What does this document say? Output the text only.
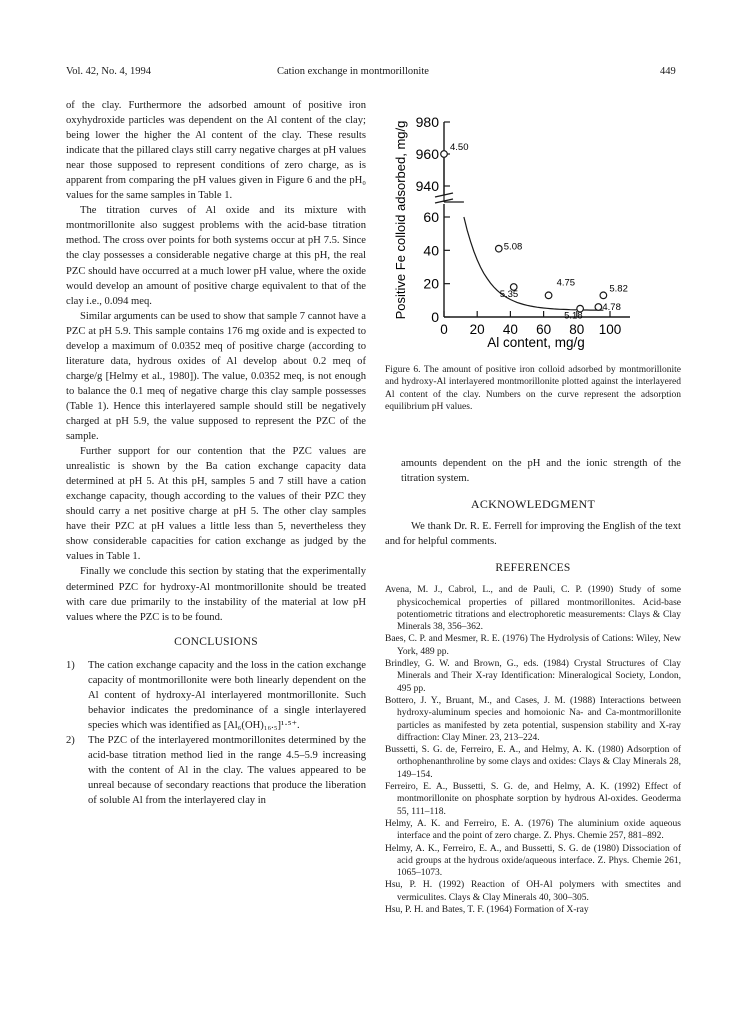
Vol. 42, No. 4, 1994	Cation exchange in montmorillonite	449

of the clay. Furthermore the adsorbed amount of positive iron oxyhydroxide particles was dependent on the Al content of the clay; being lower the higher the Al content of the clay. These results indicate that the pillared clays still carry negative charges at pH values near those supposed to represent conditions of zero charge, as is apparent from comparing the pH values given in Figure 6 and the pH₀ values for the same samples in Table 1.

The titration curves of Al oxide and its mixture with montmorillonite also suggest problems with the acid-base titration method. The cross over points for both systems occur at pH 7.5. Since the clay possesses a considerable negative charge at this pH, the real PZC should have occurred at a much lower pH value, where the oxide would develop an amount of positive charge equivalent to that of the clay i.e., 0.094 meq.

Similar arguments can be used to show that sample 7 cannot have a PZC at pH 5.9. This sample contains 176 mg oxide and is expected to develop a maximum of 0.0352 meq of positive charge (according to literature data, hydrous oxides of Al develop about 0.2 meq of charge/g [Helmy et al., 1980]). The value, 0.0352 meq, is not enough to balance the 0.1 meq of negative charge this clay sample possesses (Table 1). Hence this interlayered sample should still be negatively charged at pH 5.9, the value supposed to represent the PZC of the sample.

Further support for our contention that the PZC values are unrealistic is shown by the Ba cation exchange capacity data determined at pH 5. At this pH, samples 5 and 7 still have a cation exchange capacity, though according to the values of their PZC they should carry a net positive charge at pH 5. The other clay samples have their PZC at pH values a little less than 5, nevertheless they show considerable capacities for cation exchange as judged by the values in Table 1.

Finally we conclude this section by stating that the experimentally determined PZC for hydroxy-Al montmorillonite should be treated with care due primarily to the instability of the material at low pH values where the PZC is to be found.

CONCLUSIONS

1) The cation exchange capacity and the loss in the cation exchange capacity of montmorillonite were both linearly dependent on the Al content of hydroxy-Al interlayered montmorillonite. Such behavior indicates the predominance of a single interlayered species which was identified as [Al₆(OH)₁₆.₅]¹·⁵⁺.

2) The PZC of the interlayered montmorillonites determined by the acid-base titration method lied in the range 4.5–5.9 increasing with the content of Al in the clay. The values appeared to be unreal because of secondary reactions that produce the liberation of soluble Al from the interlayered clay in

0 20 40 60 80 100
0
20
40
60
940
960
980
4.50
5.08
5.35
4.75
5.18
5.82
4.78
Positive Fe colloid adsorbed, mg/g
Al content, mg/g
Figure 6. The amount of positive iron colloid adsorbed by montmorillonite and hydroxy-Al interlayered montmorillonite plotted against the interlayered Al content of the clay. Numbers on the curve represent the adsorption equilibrium pH values.

amounts dependent on the pH and the ionic strength of the titration system.

ACKNOWLEDGMENT

We thank Dr. R. E. Ferrell for improving the English of the text and for helpful comments.

REFERENCES

Avena, M. J., Cabrol, L., and de Pauli, C. P. (1990) Study of some physicochemical properties of pillared montmorillonites. Acid-base potentiometric titrations and electrophoretic measurements: Clays & Clay Minerals 38, 356–362.

Baes, C. P. and Mesmer, R. E. (1976) The Hydrolysis of Cations: Wiley, New York, 489 pp.

Brindley, G. W. and Brown, G., eds. (1984) Crystal Structures of Clay Minerals and Their X-ray Identification: Mineralogical Society, London, 495 pp.

Bottero, J. Y., Bruant, M., and Cases, J. M. (1988) Interactions between hydroxy-aluminum species and homoionic Na- and Ca-montmorillonite particles as manifested by zeta potential, suspension stability and X-ray diffraction: Clay Miner. 23, 213–224.

Bussetti, S. G. de, Ferreiro, E. A., and Helmy, A. K. (1980) Adsorption of orthophenanthroline by some clays and oxides: Clays & Clay Minerals 28, 149–154.

Ferreiro, E. A., Bussetti, S. G. de, and Helmy, A. K. (1992) Effect of montmorillonite on phosphate sorption by hydrous Al-oxides. Geoderma 55, 111–118.

Helmy, A. K. and Ferreiro, E. A. (1976) The aluminium oxide aqueous interface and the point of zero charge. Z. Phys. Chemie 257, 881–892.

Helmy, A. K., Ferreiro, E. A., and Bussetti, S. G. de (1980) Dissociation of acid groups at the hydrous oxide/aqueous interface. Z. Phys. Chemie 261, 1065–1073.

Hsu, P. H. (1992) Reaction of OH-Al polymers with smectites and vermiculites. Clays & Clay Minerals 40, 300–305.

Hsu, P. H. and Bates, T. F. (1964) Formation of X-ray
